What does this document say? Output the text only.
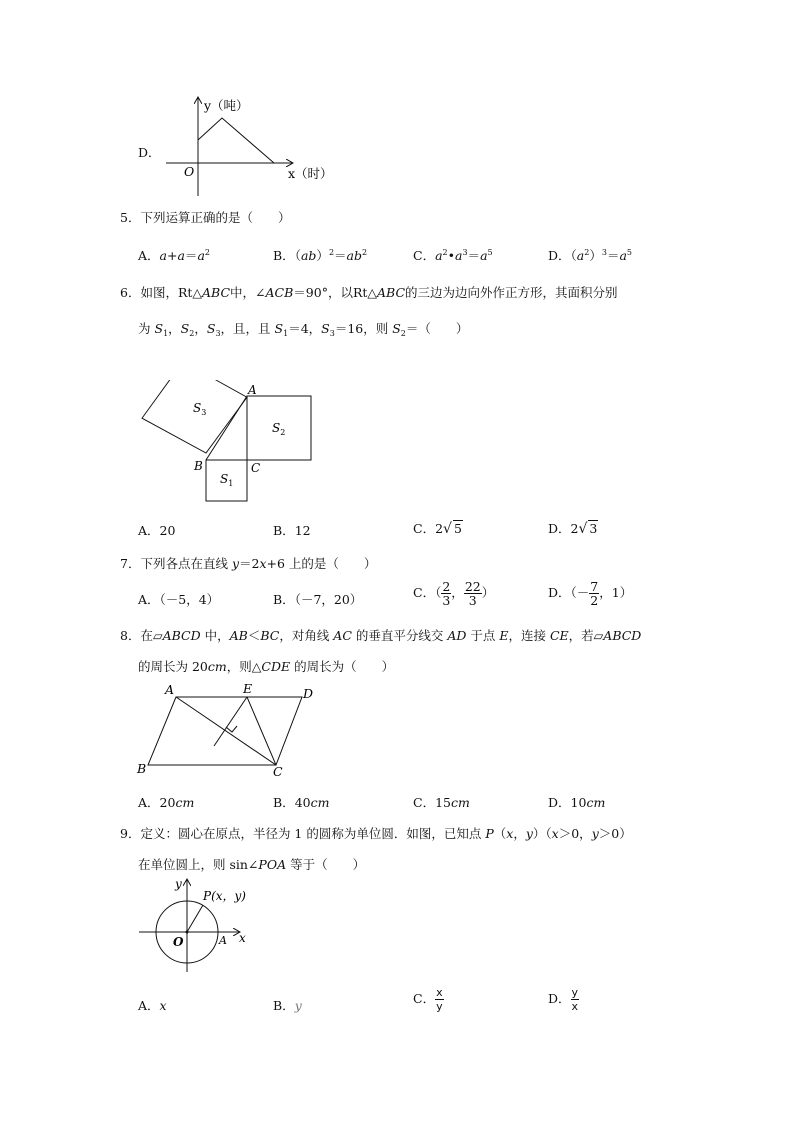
D．
y（吨）
x（时）
O
5．下列运算正确的是（　　）
A．$a+a=a^2$	B．$(ab)^2=ab^2$	C．$a^2•a^3=a^5$	D．$(a^2)^3=a^5$
6．如图，Rt△ABC中，∠ACB＝90°，以Rt△ABC的三边为边向外作正方形，其面积分别
为 $S_1$，$S_2$，$S_3$，且，且 $S_1=4$，$S_3=16$，则 $S_2=$（　　）
A
B	C
$S_3$
$S_2$
$S_1$
A．20	B．12	C．2√ 5	D．2√ 3
7．下列各点在直线 y＝2x+6 上的是（　　）
A．（－5，4）	B．（－7，20）	C．（ $\frac{2}{3}$ ， $\frac{22}{3}$ ）	D．（－ $\frac{7}{2}$ ，1）
8．在▱ABCD 中，AB＜BC，对角线 AC 的垂直平分线交 AD 于点 E，连接 CE，若▱ABCD
的周长为 20cm，则△CDE 的周长为（　　）
A	E	D
B	C
A．20cm	B．40cm	C．15cm	D．10cm
9．定义：圆心在原点，半径为 1 的圆称为单位圆．如图，已知点 P（x，y）（x＞0，y＞0）
在单位圆上，则 sin∠POA 等于（　　）
y
x
O	A
P(x，y)
A．x	B．y	C． $\frac{x}{y}$	D． $\frac{y}{x}$
